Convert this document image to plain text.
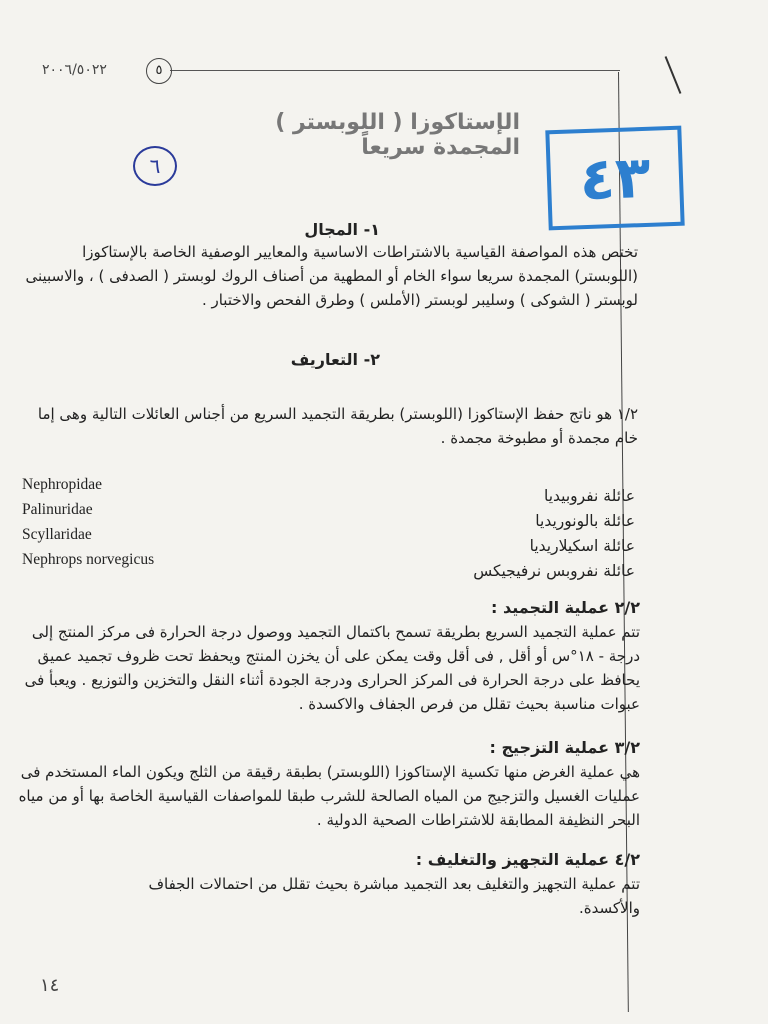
٢٠٠٦/٥٠٢٢	٥
الإستاكوزا ( اللوبستر ) المجمدة سريعاً
٦	٤٣
١- المجال
تختص هذه المواصفة القياسية بالاشتراطات الاساسية والمعايير الوصفية الخاصة بالإستاكوزا (اللوبستر) المجمدة سريعا سواء الخام أو المطهية من أصناف الروك لوبستر ( الصدفى ) ، والاسبينى لوبستر ( الشوكى ) وسليبر لوبستر (الأملس ) وطرق الفحص والاختبار .
٢- التعاريف
١/٢ هو ناتج حفظ الإستاكوزا (اللوبستر) بطريقة التجميد السريع من أجناس العائلات التالية وهى إما خام مجمدة أو مطبوخة مجمدة .
Nephropidae
Palinuridae
Scyllaridae
Nephrops norvegicus
عائلة نفروبيديا
عائلة بالونوريديا
عائلة اسكيلاريديا
عائلة نفروبس نرفيجيكس
٢/٢ عملية التجميد :
تتم عملية التجميد السريع بطريقة تسمح باكتمال التجميد ووصول درجة الحرارة فى مركز المنتج إلى درجة - ١٨°س أو أقل , فى أقل وقت يمكن على أن يخزن المنتج ويحفظ تحت ظروف تجميد عميق يحافظ على درجة الحرارة فى المركز الحرارى ودرجة الجودة أثناء النقل والتخزين والتوزيع . ويعبأ فى عبوات مناسبة بحيث تقلل من فرص الجفاف والاكسدة .
٣/٢ عملية التزجيج :
هي عملية الغرض منها تكسية الإستاكوزا (اللوبستر) بطبقة رقيقة من الثلج ويكون الماء المستخدم فى عمليات الغسيل والتزجيج من المياه الصالحة للشرب طبقا للمواصفات القياسية الخاصة بها أو من مياه البحر النظيفة المطابقة للاشتراطات الصحية الدولية .
٤/٢ عملية التجهيز والتغليف :
تتم عملية التجهيز والتغليف بعد التجميد مباشرة بحيث تقلل من احتمالات الجفاف والأكسدة.
١٤
